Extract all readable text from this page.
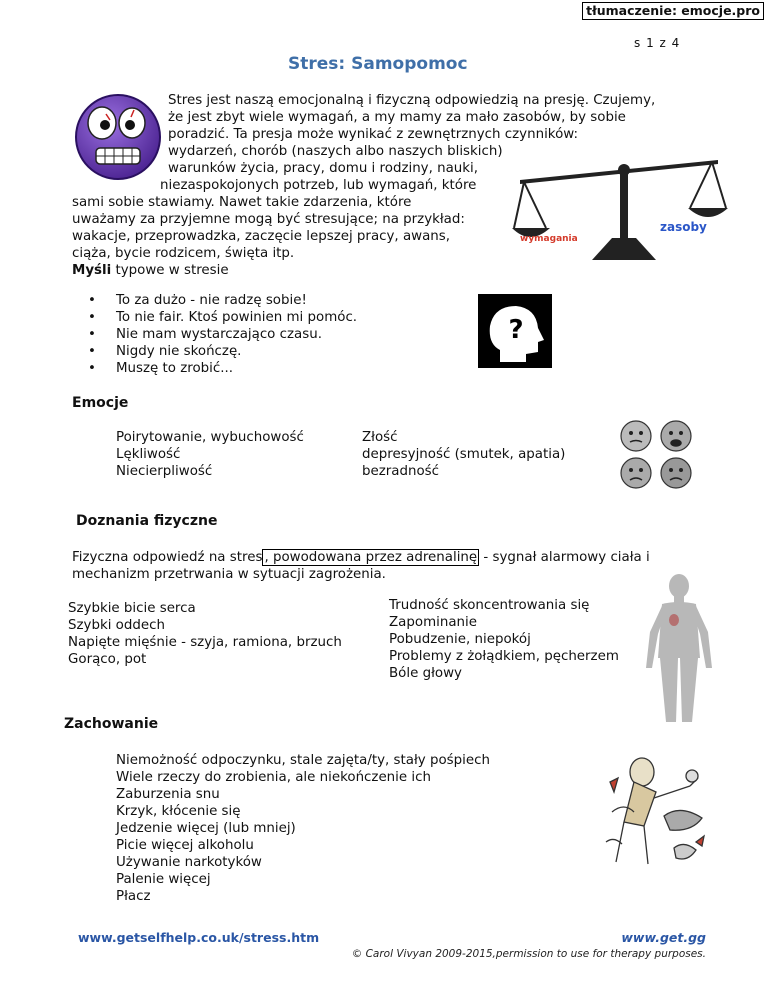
tłumaczenie: emocje.pro
s 1 z 4
Stres: Samopomoc
Stres jest naszą emocjonalną i fizyczną odpowiedzią na presję. Czujemy,
że jest zbyt wiele wymagań, a my mamy za mało zasobów, by sobie
poradzić. Ta presja może wynikać z zewnętrznych czynników:
wydarzeń, chorób (naszych albo naszych bliskich)
warunków życia, pracy, domu i rodziny, nauki,
niezaspokojonych potrzeb, lub wymagań, które
sami sobie stawiamy. Nawet takie zdarzenia, które
uważamy za przyjemne mogą być stresujące; na przykład:
wakacje, przeprowadzka, zaczęcie lepszej pracy, awans,
ciąża, bycie rodzicem, święta itp.
wymagania
zasoby
Myśli typowe w stresie
• To za dużo - nie radzę sobie!
• To nie fair. Ktoś powinien mi pomóc.
• Nie mam wystarczająco czasu.
• Nigdy nie skończę.
• Muszę to zrobić...
?
Emocje
Poirytowanie, wybuchowość
Lękliwość
Niecierpliwość
Złość
depresyjność (smutek, apatia)
bezradność
Doznania fizyczne
Fizyczna odpowiedź na stres , powodowana przez adrenalinę - sygnał alarmowy ciała i
mechanizm przetrwania w sytuacji zagrożenia.
Szybkie bicie serca
Szybki oddech
Napięte mięśnie - szyja, ramiona, brzuch
Gorąco, pot
Trudność skoncentrowania się
Zapominanie
Pobudzenie, niepokój
Problemy z żołądkiem, pęcherzem
Bóle głowy
Zachowanie
Niemożność odpoczynku, stale zajęta/ty, stały pośpiech
Wiele rzeczy do zrobienia, ale niekończenie ich
Zaburzenia snu
Krzyk, kłócenie się
Jedzenie więcej (lub mniej)
Picie więcej alkoholu
Używanie narkotyków
Palenie więcej
Płacz
www.getselfhelp.co.uk/stress.htm	www.get.gg
© Carol Vivyan 2009-2015,permission to use for therapy purposes.
